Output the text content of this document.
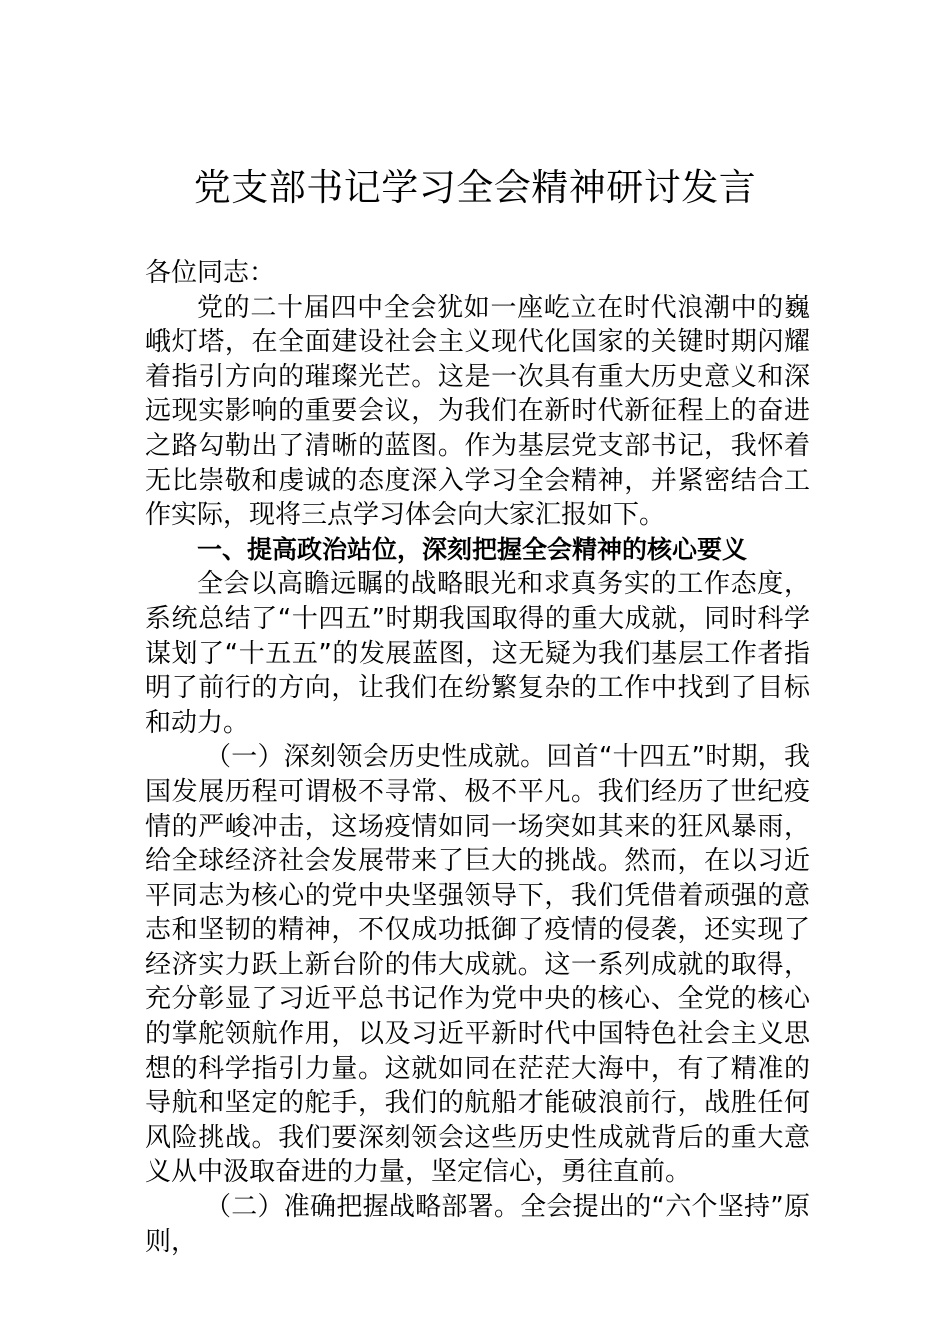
党支部书记学习全会精神研讨发言

各位同志：

党的二十届四中全会犹如一座屹立在时代浪潮中的巍峨灯塔，在全面建设社会主义现代化国家的关键时期闪耀着指引方向的璀璨光芒。这是一次具有重大历史意义和深远现实影响的重要会议，为我们在新时代新征程上的奋进之路勾勒出了清晰的蓝图。作为基层党支部书记，我怀着无比崇敬和虔诚的态度深入学习全会精神，并紧密结合工作实际，现将三点学习体会向大家汇报如下。

一、提高政治站位，深刻把握全会精神的核心要义

全会以高瞻远瞩的战略眼光和求真务实的工作态度，系统总结了“十四五”时期我国取得的重大成就，同时科学谋划了“十五五”的发展蓝图，这无疑为我们基层工作者指明了前行的方向，让我们在纷繁复杂的工作中找到了目标和动力。

（一）深刻领会历史性成就。回首“十四五”时期，我国发展历程可谓极不寻常、极不平凡。我们经历了世纪疫情的严峻冲击，这场疫情如同一场突如其来的狂风暴雨，给全球经济社会发展带来了巨大的挑战。然而，在以习近平同志为核心的党中央坚强领导下，我们凭借着顽强的意志和坚韧的精神，不仅成功抵御了疫情的侵袭，还实现了经济实力跃上新台阶的伟大成就。这一系列成就的取得，充分彰显了习近平总书记作为党中央的核心、全党的核心的掌舵领航作用，以及习近平新时代中国特色社会主义思想的科学指引力量。这就如同在茫茫大海中，有了精准的导航和坚定的舵手，我们的航船才能破浪前行，战胜任何风险挑战。我们要深刻领会这些历史性成就背后的重大意义从中汲取奋进的力量，坚定信心，勇往直前。

（二）准确把握战略部署。全会提出的“六个坚持”原则，
